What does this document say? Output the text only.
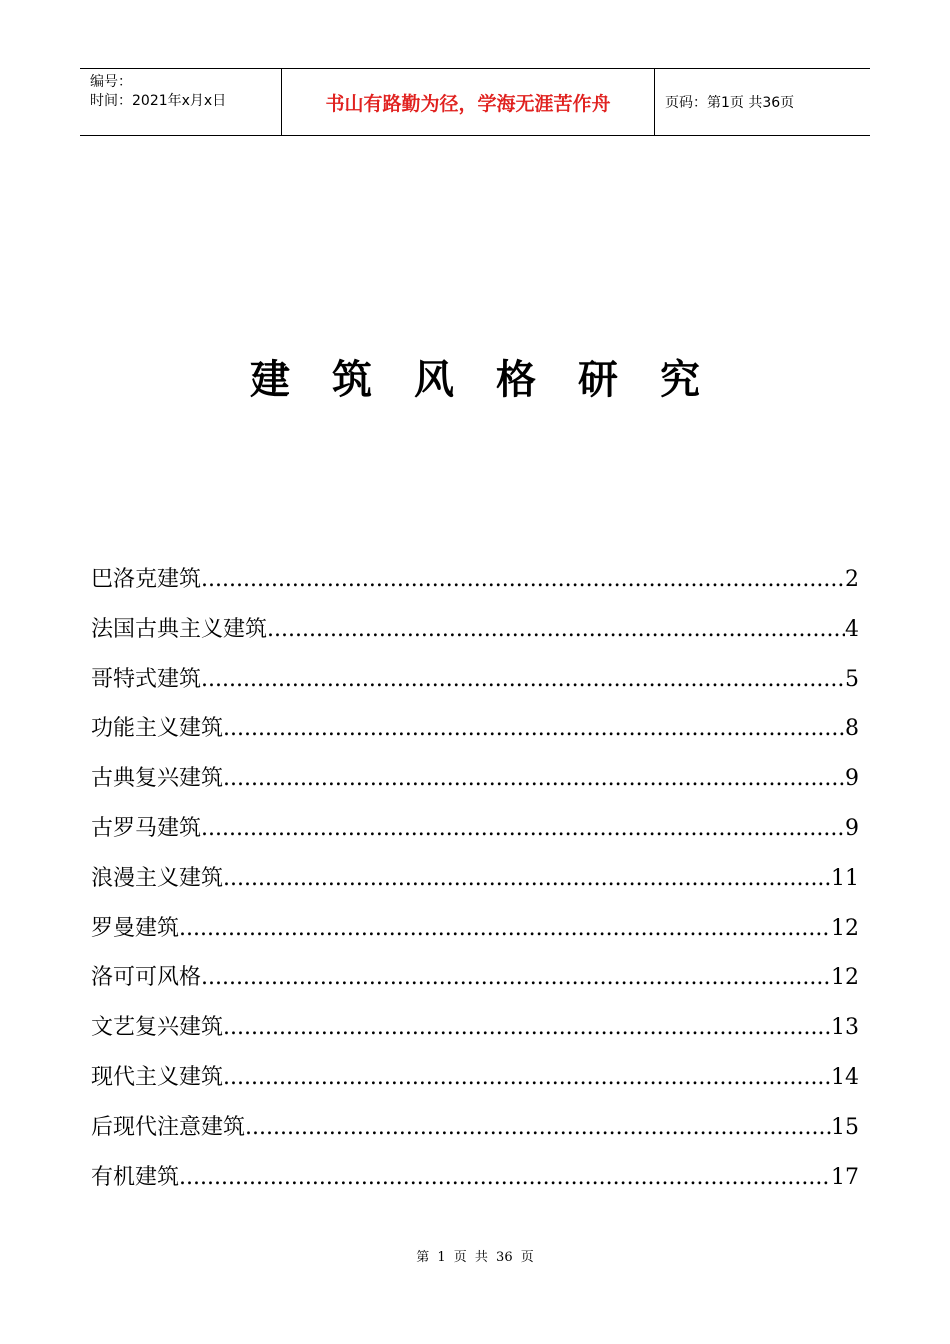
编号：
时间：2021年x月x日	书山有路勤为径，学海无涯苦作舟	页码：第1页 共36页
建筑风格研究
巴洛克建筑 .....	2
法国古典主义建筑 .....	4
哥特式建筑 .....	5
功能主义建筑 .....	8
古典复兴建筑 .....	9
古罗马建筑 .....	9
浪漫主义建筑 .....	11
罗曼建筑 .....	12
洛可可风格 .....	12
文艺复兴建筑 .....	13
现代主义建筑 .....	14
后现代注意建筑 .....	15
有机建筑 .....	17
第 1 页 共 36 页
